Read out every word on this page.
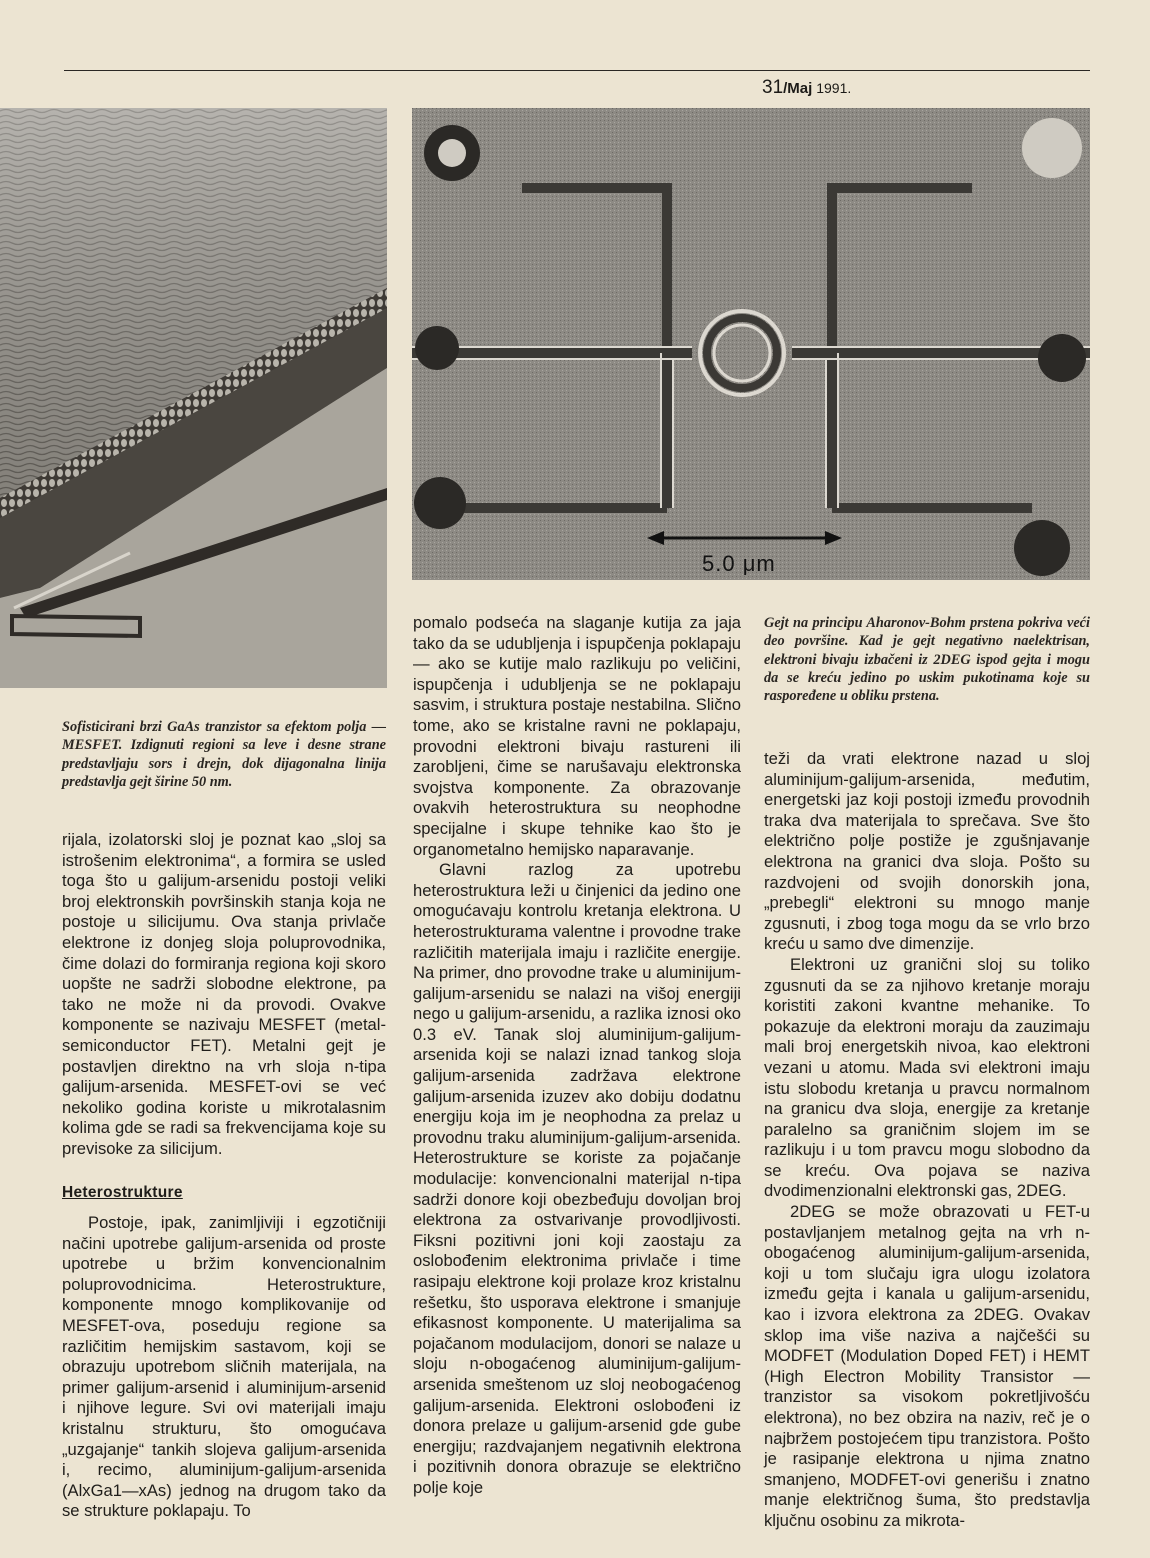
31/Maj 1991.
Sofisticirani brzi GaAs tranzistor sa efektom polja — MESFET. Izdignuti regioni sa leve i desne strane predstavljaju sors i drejn, dok dijagonalna linija predstavlja gejt širine 50 nm.
5.0 μm
Gejt na principu Aharonov-Bohm prstena pokriva veći deo površine. Kad je gejt negativno naelektrisan, elektroni bivaju izbačeni iz 2DEG ispod gejta i mogu da se kreću jedino po uskim pukotinama koje su raspoređene u obliku prstena.

rijala, izolatorski sloj je poznat kao „sloj sa istrošenim elektronima“, a formira se usled toga što u galijum-arsenidu postoji veliki broj elektronskih površinskih stanja koja ne postoje u silicijumu. Ova stanja privlače elektrone iz donjeg sloja poluprovodnika, čime dolazi do formiranja regiona koji skoro uopšte ne sadrži slobodne elektrone, pa tako ne može ni da provodi. Ovakve komponente se nazivaju MESFET (metal-semiconductor FET). Metalni gejt je postavljen direktno na vrh sloja n-tipa galijum-arsenida. MESFET-ovi se već nekoliko godina koriste u mikrotalasnim kolima gde se radi sa frekvencijama koje su previsoke za silicijum.

Heterostrukture

Postoje, ipak, zanimljiviji i egzotičniji načini upotrebe galijum-arsenida od proste upotrebe u bržim konvencionalnim poluprovodnicima. Heterostrukture, komponente mnogo komplikovanije od MESFET-ova, poseduju regione sa različitim hemijskim sastavom, koji se obrazuju upotrebom sličnih materijala, na primer galijum-arsenid i aluminijum-arsenid i njihove legure. Svi ovi materijali imaju kristalnu strukturu, što omogućava „uzgajanje“ tankih slojeva galijum-arsenida i, recimo, aluminijum-galijum-arsenida (AlxGa1—xAs) jednog na drugom tako da se strukture poklapaju. To

pomalo podseća na slaganje kutija za jaja tako da se udubljenja i ispupčenja poklapaju — ako se kutije malo razlikuju po veličini, ispupčenja i udubljenja se ne poklapaju sasvim, i struktura postaje nestabilna. Slično tome, ako se kristalne ravni ne poklapaju, provodni elektroni bivaju rastureni ili zarobljeni, čime se narušavaju elektronska svojstva komponente. Za obrazovanje ovakvih heterostruktura su neophodne specijalne i skupe tehnike kao što je organometalno hemijsko naparavanje.

Glavni razlog za upotrebu heterostruktura leži u činjenici da jedino one omogućavaju kontrolu kretanja elektrona. U heterostrukturama valentne i provodne trake različitih materijala imaju i različite energije. Na primer, dno provodne trake u aluminijum-galijum-arsenidu se nalazi na višoj energiji nego u galijum-arsenidu, a razlika iznosi oko 0.3 eV. Tanak sloj aluminijum-galijum-arsenida koji se nalazi iznad tankog sloja galijum-arsenida zadržava elektrone galijum-arsenida izuzev ako dobiju dodatnu energiju koja im je neophodna za prelaz u provodnu traku aluminijum-galijum-arsenida. Heterostrukture se koriste za pojačanje modulacije: konvencionalni materijal n-tipa sadrži donore koji obezbeđuju dovoljan broj elektrona za ostvarivanje provodljivosti. Fiksni pozitivni joni koji zaostaju za oslobođenim elektronima privlače i time rasipaju elektrone koji prolaze kroz kristalnu rešetku, što usporava elektrone i smanjuje efikasnost komponente. U materijalima sa pojačanom modulacijom, donori se nalaze u sloju n-obogaćenog aluminijum-galijum-arsenida smeštenom uz sloj neobogaćenog galijum-arsenida. Elektroni oslobođeni iz donora prelaze u galijum-arsenid gde gube energiju; razdvajanjem negativnih elektrona i pozitivnih donora obrazuje se električno polje koje

teži da vrati elektrone nazad u sloj aluminijum-galijum-arsenida, međutim, energetski jaz koji postoji između provodnih traka dva materijala to sprečava. Sve što električno polje postiže je zgušnjavanje elektrona na granici dva sloja. Pošto su razdvojeni od svojih donorskih jona, „prebegli“ elektroni su mnogo manje zgusnuti, i zbog toga mogu da se vrlo brzo kreću u samo dve dimenzije.

Elektroni uz granični sloj su toliko zgusnuti da se za njihovo kretanje moraju koristiti zakoni kvantne mehanike. To pokazuje da elektroni moraju da zauzimaju mali broj energetskih nivoa, kao elektroni vezani u atomu. Mada svi elektroni imaju istu slobodu kretanja u pravcu normalnom na granicu dva sloja, energije za kretanje paralelno sa graničnim slojem im se razlikuju i u tom pravcu mogu slobodno da se kreću. Ova pojava se naziva dvodimenzionalni elektronski gas, 2DEG.

2DEG se može obrazovati u FET-u postavljanjem metalnog gejta na vrh n-obogaćenog aluminijum-galijum-arsenida, koji u tom slučaju igra ulogu izolatora između gejta i kanala u galijum-arsenidu, kao i izvora elektrona za 2DEG. Ovakav sklop ima više naziva a najčešći su MODFET (Modulation Doped FET) i HEMT (High Electron Mobility Transistor — tranzistor sa visokom pokretljivošću elektrona), no bez obzira na naziv, reč je o najbržem postojećem tipu tranzistora. Pošto je rasipanje elektrona u njima znatno smanjeno, MODFET-ovi generišu i znatno manje električnog šuma, što predstavlja ključnu osobinu za mikrota-
